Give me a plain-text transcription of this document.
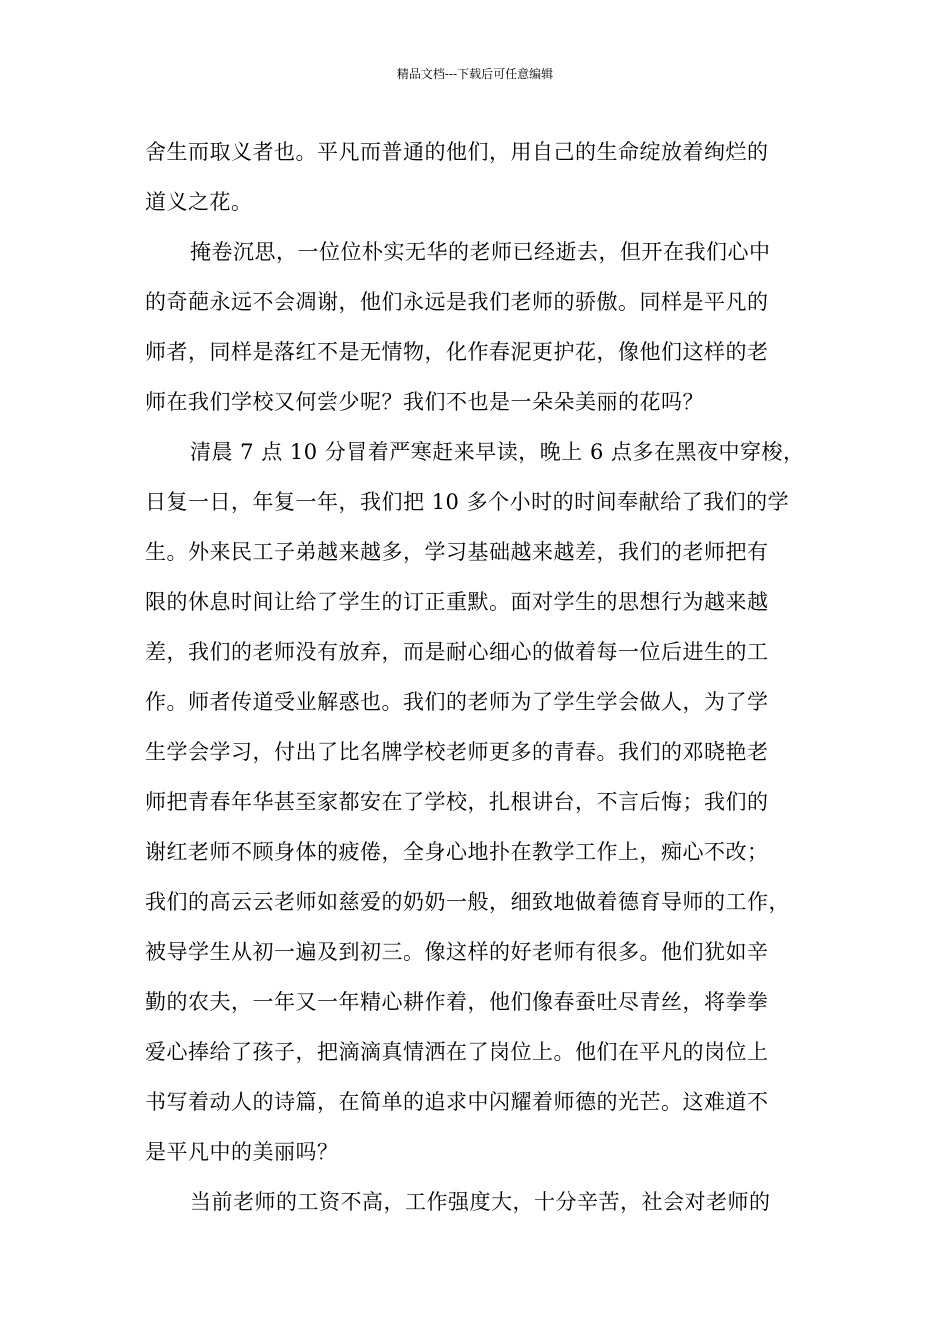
精品文档---下载后可任意编辑
舍生而取义者也。平凡而普通的他们，用自己的生命绽放着绚烂的
道义之花。
掩卷沉思，一位位朴实无华的老师已经逝去，但开在我们心中
的奇葩永远不会凋谢，他们永远是我们老师的骄傲。同样是平凡的
师者，同样是落红不是无情物，化作春泥更护花，像他们这样的老
师在我们学校又何尝少呢？我们不也是一朵朵美丽的花吗？
清晨 7 点 10 分冒着严寒赶来早读，晚上 6 点多在黑夜中穿梭，
日复一日，年复一年，我们把 10 多个小时的时间奉献给了我们的学
生。外来民工子弟越来越多，学习基础越来越差，我们的老师把有
限的休息时间让给了学生的订正重默。面对学生的思想行为越来越
差，我们的老师没有放弃，而是耐心细心的做着每一位后进生的工
作。师者传道受业解惑也。我们的老师为了学生学会做人，为了学
生学会学习，付出了比名牌学校老师更多的青春。我们的邓晓艳老
师把青春年华甚至家都安在了学校，扎根讲台，不言后悔；我们的
谢红老师不顾身体的疲倦，全身心地扑在教学工作上，痴心不改；
我们的高云云老师如慈爱的奶奶一般，细致地做着德育导师的工作，
被导学生从初一遍及到初三。像这样的好老师有很多。他们犹如辛
勤的农夫，一年又一年精心耕作着，他们像春蚕吐尽青丝，将拳拳
爱心捧给了孩子，把滴滴真情洒在了岗位上。他们在平凡的岗位上
书写着动人的诗篇，在简单的追求中闪耀着师德的光芒。这难道不
是平凡中的美丽吗？
当前老师的工资不高，工作强度大，十分辛苦，社会对老师的
